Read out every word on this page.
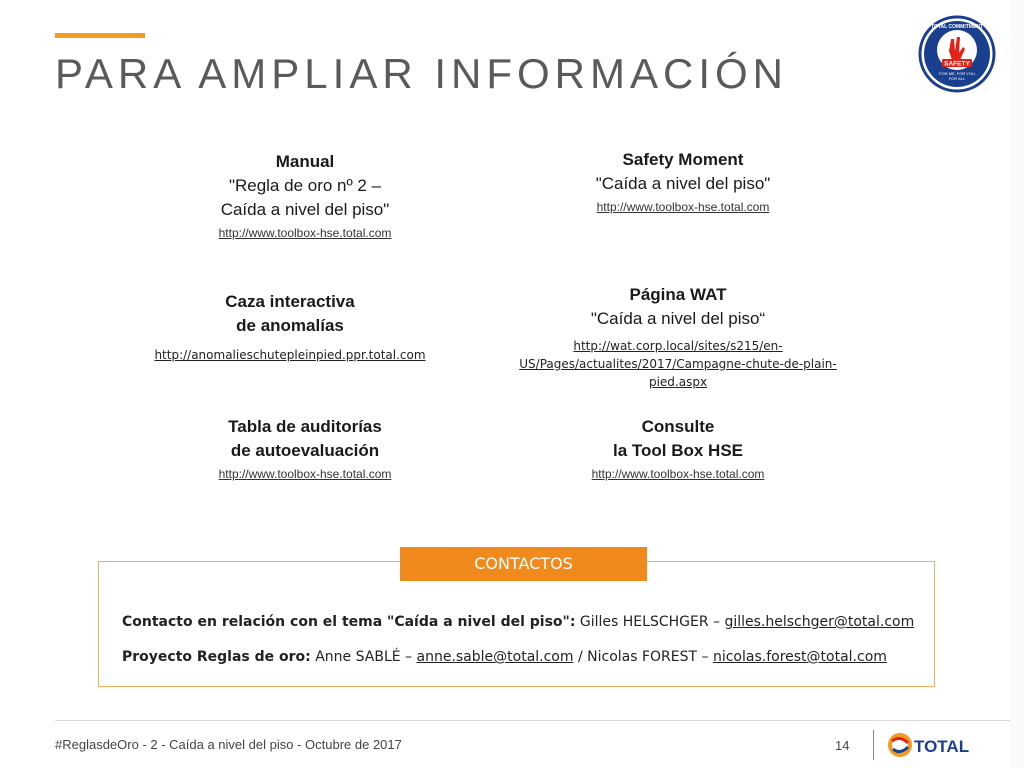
PARA AMPLIAR INFORMACIÓN	SAFETY
FOR ME, FOR YOU
FOR ALL
TOTAL COMMITMENT
Manual
"Regla de oro nº 2 –
Caída a nivel del piso"
http://www.toolbox-hse.total.com
Safety Moment
"Caída a nivel del piso"
http://www.toolbox-hse.total.com
Caza interactiva
de anomalías
http://anomalieschutepleinpied.ppr.total.com
Página WAT
"Caída a nivel del piso“
http://wat.corp.local/sites/s215/en-
US/Pages/actualites/2017/Campagne-chute-de-plain-
pied.aspx
Tabla de auditorías
de autoevaluación
http://www.toolbox-hse.total.com
Consulte
la Tool Box HSE
http://www.toolbox-hse.total.com
CONTACTOS
Contacto en relación con el tema "Caída a nivel del piso": Gilles HELSCHGER – gilles.helschger@total.com
Proyecto Reglas de oro: Anne SABLÉ – anne.sable@total.com / Nicolas FOREST – nicolas.forest@total.com
#ReglasdeOro - 2 - Caída a nivel del piso - Octubre de 2017	14	TOTAL
